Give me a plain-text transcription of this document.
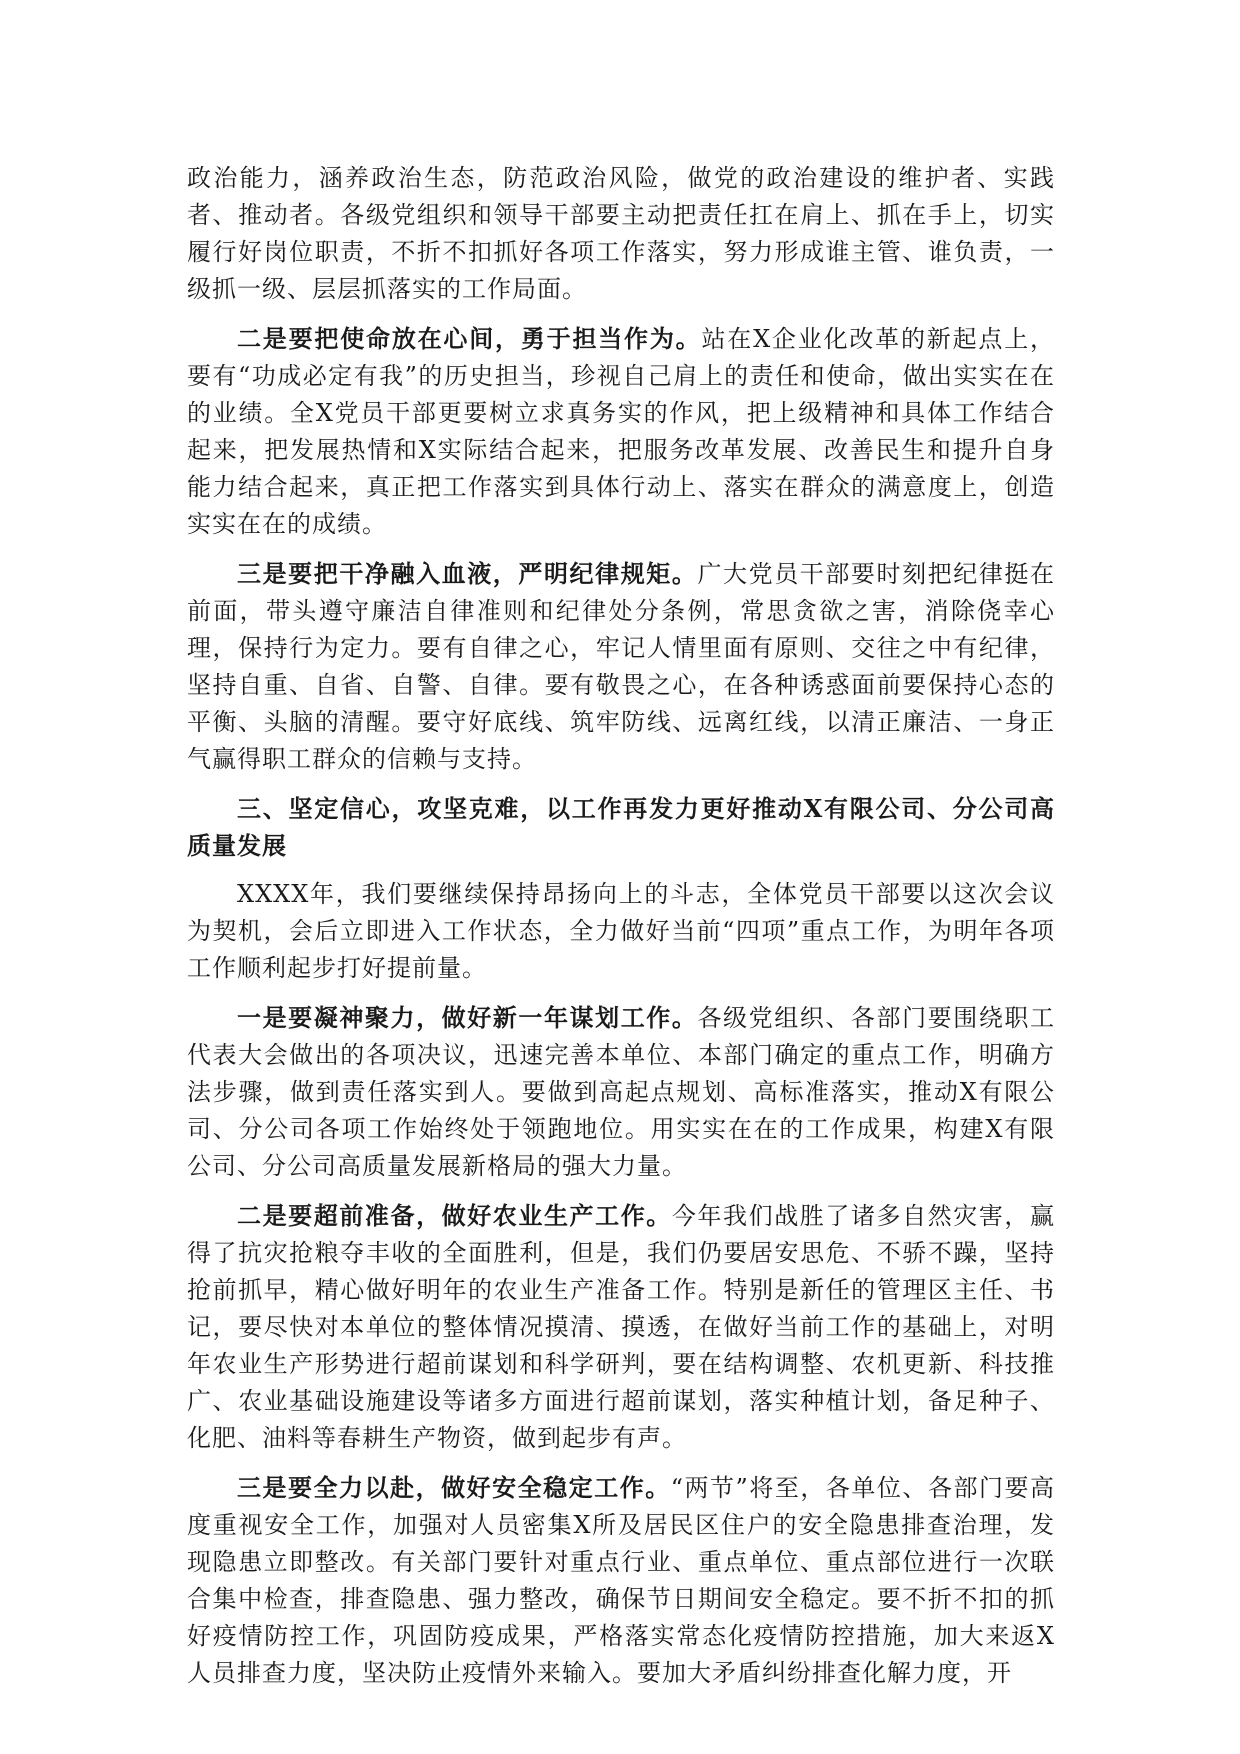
政治能力，涵养政治生态，防范政治风险，做党的政治建设的维护者、实践者、推动者。各级党组织和领导干部要主动把责任扛在肩上、抓在手上，切实履行好岗位职责，不折不扣抓好各项工作落实，努力形成谁主管、谁负责，一级抓一级、层层抓落实的工作局面。

二是要把使命放在心间，勇于担当作为。站在X企业化改革的新起点上，要有“功成必定有我”的历史担当，珍视自己肩上的责任和使命，做出实实在在的业绩。全X党员干部更要树立求真务实的作风，把上级精神和具体工作结合起来，把发展热情和X实际结合起来，把服务改革发展、改善民生和提升自身能力结合起来，真正把工作落实到具体行动上、落实在群众的满意度上，创造实实在在的成绩。

三是要把干净融入血液，严明纪律规矩。广大党员干部要时刻把纪律挺在前面，带头遵守廉洁自律准则和纪律处分条例，常思贪欲之害，消除侥幸心理，保持行为定力。要有自律之心，牢记人情里面有原则、交往之中有纪律，坚持自重、自省、自警、自律。要有敬畏之心，在各种诱惑面前要保持心态的平衡、头脑的清醒。要守好底线、筑牢防线、远离红线，以清正廉洁、一身正气赢得职工群众的信赖与支持。

三、坚定信心，攻坚克难，以工作再发力更好推动X有限公司、分公司高质量发展

XXXX年，我们要继续保持昂扬向上的斗志，全体党员干部要以这次会议为契机，会后立即进入工作状态，全力做好当前“四项”重点工作，为明年各项工作顺利起步打好提前量。

一是要凝神聚力，做好新一年谋划工作。各级党组织、各部门要围绕职工代表大会做出的各项决议，迅速完善本单位、本部门确定的重点工作，明确方法步骤，做到责任落实到人。要做到高起点规划、高标准落实，推动X有限公司、分公司各项工作始终处于领跑地位。用实实在在的工作成果，构建X有限公司、分公司高质量发展新格局的强大力量。

二是要超前准备，做好农业生产工作。今年我们战胜了诸多自然灾害，赢得了抗灾抢粮夺丰收的全面胜利，但是，我们仍要居安思危、不骄不躁，坚持抢前抓早，精心做好明年的农业生产准备工作。特别是新任的管理区主任、书记，要尽快对本单位的整体情况摸清、摸透，在做好当前工作的基础上，对明年农业生产形势进行超前谋划和科学研判，要在结构调整、农机更新、科技推广、农业基础设施建设等诸多方面进行超前谋划，落实种植计划，备足种子、化肥、油料等春耕生产物资，做到起步有声。

三是要全力以赴，做好安全稳定工作。“两节”将至，各单位、各部门要高度重视安全工作，加强对人员密集X所及居民区住户的安全隐患排查治理，发现隐患立即整改。有关部门要针对重点行业、重点单位、重点部位进行一次联合集中检查，排查隐患、强力整改，确保节日期间安全稳定。要不折不扣的抓好疫情防控工作，巩固防疫成果，严格落实常态化疫情防控措施，加大来返X人员排查力度，坚决防止疫情外来输入。要加大矛盾纠纷排查化解力度，开
